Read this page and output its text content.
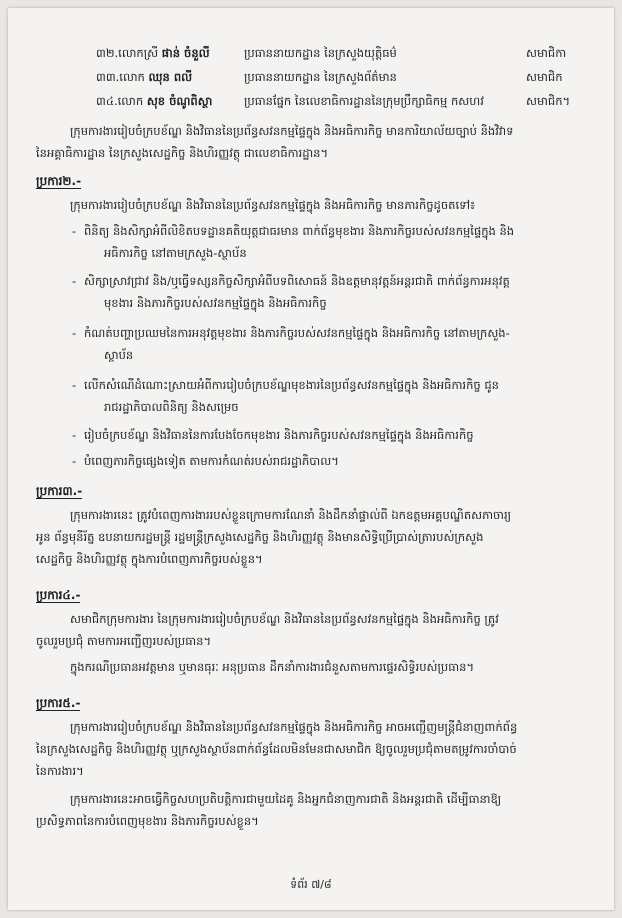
៣២.លោកស្រី ផាន់ ចំនួលី	ប្រធាននាយកដ្ឋាន នៃក្រសួងយុត្តិធម៌	សមាជិកា
៣៣.លោក ឈុន ពលី	ប្រធាននាយកដ្ឋាន នៃក្រសួងព័ត៌មាន	សមាជិក
៣៤.លោក សុខ ចំណូពិស្ថា	ប្រធានផ្នែក នៃលេខាធិការដ្ឋាននៃក្រុមប្រឹក្សាធិកម្ម កសហវ	សមាជិក។
ក្រុមការងាររៀបចំក្របខ័ណ្ឌ និងវិធាននៃប្រព័ន្ធសវនកម្មផ្ទៃក្នុង និងអធិការកិច្ច មានការិយាល័យច្បាប់ និងវិវាទ
នៃអគ្គាធិការដ្ឋាន នៃក្រសួងសេដ្ឋកិច្ច និងហិរញ្ញវត្ថុ ជាលេខាធិការដ្ឋាន។
ប្រការ២.-
ក្រុមការងាររៀបចំក្របខ័ណ្ឌ និងវិធាននៃប្រព័ន្ធសវនកម្មផ្ទៃក្នុង និងអធិការកិច្ច មានភារកិច្ចដូចតទៅ៖
- ពិនិត្យ និងសិក្សាអំពីលិខិតបទដ្ឋានគតិយុត្តជាធរមាន ពាក់ព័ន្ធមុខងារ និងភារកិច្ចរបស់សវនកម្មផ្ទៃក្នុង និង
អធិការកិច្ច នៅតាមក្រសួង-ស្ថាប័ន
- សិក្សាស្រាវជ្រាវ និង/ឬធ្វើទស្សនកិច្ចសិក្សាអំពីបទពិសោធន៍ និងឧត្តមានុវត្តន៍អន្តរជាតិ ពាក់ព័ន្ធការអនុវត្ត
មុខងារ និងភារកិច្ចរបស់សវនកម្មផ្ទៃក្នុង និងអធិការកិច្ច
- កំណត់បញ្ហាប្រឈមនៃការអនុវត្តមុខងារ និងភារកិច្ចរបស់សវនកម្មផ្ទៃក្នុង និងអធិការកិច្ច នៅតាមក្រសួង-
ស្ថាប័ន
- លើកសំណើដំណោះស្រាយអំពីការរៀបចំក្របខ័ណ្ឌមុខងារនៃប្រព័ន្ធសវនកម្មផ្ទៃក្នុង និងអធិការកិច្ច ជូន
រាជរដ្ឋាភិបាលពិនិត្យ និងសម្រេច
- រៀបចំក្របខ័ណ្ឌ និងវិធាននៃការបែងចែកមុខងារ និងភារកិច្ចរបស់សវនកម្មផ្ទៃក្នុង និងអធិការកិច្ច
- បំពេញភារកិច្ចផ្សេងទៀត តាមការកំណត់របស់រាជរដ្ឋាភិបាល។
ប្រការ៣.-
ក្រុមការងារនេះ ត្រូវបំពេញការងាររបស់ខ្លួនក្រោមការណែនាំ និងដឹកនាំផ្ទាល់ពី ឯកឧត្តមអគ្គបណ្ឌិតសភាចារ្យ
អូន ព័ន្ធមុនីរ័ត្ន ឧបនាយករដ្ឋមន្ត្រី រដ្ឋមន្ត្រីក្រសួងសេដ្ឋកិច្ច និងហិរញ្ញវត្ថុ និងមានសិទ្ធិប្រើប្រាស់ត្រារបស់ក្រសួង
សេដ្ឋកិច្ច និងហិរញ្ញវត្ថុ ក្នុងការបំពេញភារកិច្ចរបស់ខ្លួន។
ប្រការ៤.-
សមាជិកក្រុមការងារ នៃក្រុមការងាររៀបចំក្របខ័ណ្ឌ និងវិធាននៃប្រព័ន្ធសវនកម្មផ្ទៃក្នុង និងអធិការកិច្ច ត្រូវ
ចូលរួមប្រជុំ តាមការអញ្ជើញរបស់ប្រធាន។
ក្នុងករណីប្រធានអវត្តមាន ឬមានធុរៈ អនុប្រធាន ដឹកនាំការងារជំនួសតាមការផ្ទេរសិទ្ធិរបស់ប្រធាន។
ប្រការ៥.-
ក្រុមការងាររៀបចំក្របខ័ណ្ឌ និងវិធាននៃប្រព័ន្ធសវនកម្មផ្ទៃក្នុង និងអធិការកិច្ច អាចអញ្ជើញមន្ត្រីជំនាញពាក់ព័ន្ធ
នៃក្រសួងសេដ្ឋកិច្ច និងហិរញ្ញវត្ថុ ឬក្រសួងស្ថាប័នពាក់ព័ន្ធដែលមិនមែនជាសមាជិក ឱ្យចូលរួមប្រជុំតាមតម្រូវការចាំបាច់
នៃការងារ។
ក្រុមការងារនេះអាចធ្វើកិច្ចសហប្រតិបត្តិការជាមួយដៃគូ និងអ្នកជំនាញការជាតិ និងអន្តរជាតិ ដើម្បីធានាឱ្យ
ប្រសិទ្ធភាពនៃការបំពេញមុខងារ និងភារកិច្ចរបស់ខ្លួន។
ទំព័រ ៧/៨
